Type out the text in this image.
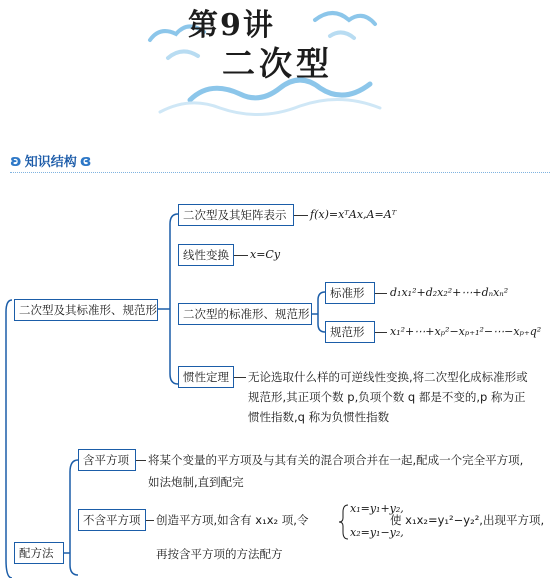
第9讲
二次型
ʚ 知识结构 ɞ
二次型及其标准形、规范形
二次型及其矩阵表示	f(x)=xᵀAx,A=Aᵀ
线性变换	x=Cy
二次型的标准形、规范形
标准形	d₁x₁²+d₂x₂²+⋯+dₙxₙ²
规范形	x₁²+⋯+xₚ²−xₚ₊₁²−⋯−xₚ₊q²
惯性定理	无论选取什么样的可逆线性变换,将二次型化成标准形或
规范形,其正项个数 p,负项个数 q 都是不变的,p 称为正
惯性指数,q 称为负惯性指数
配方法
含平方项	将某个变量的平方项及与其有关的混合项合并在一起,配成一个完全平方项,
如法炮制,直到配完
不含平方项	创造平方项,如含有 x₁x₂ 项,令
x₁=y₁+y₂,
x₂=y₁−y₂,
使 x₁x₂=y₁²−y₂²,出现平方项,
再按含平方项的方法配方
